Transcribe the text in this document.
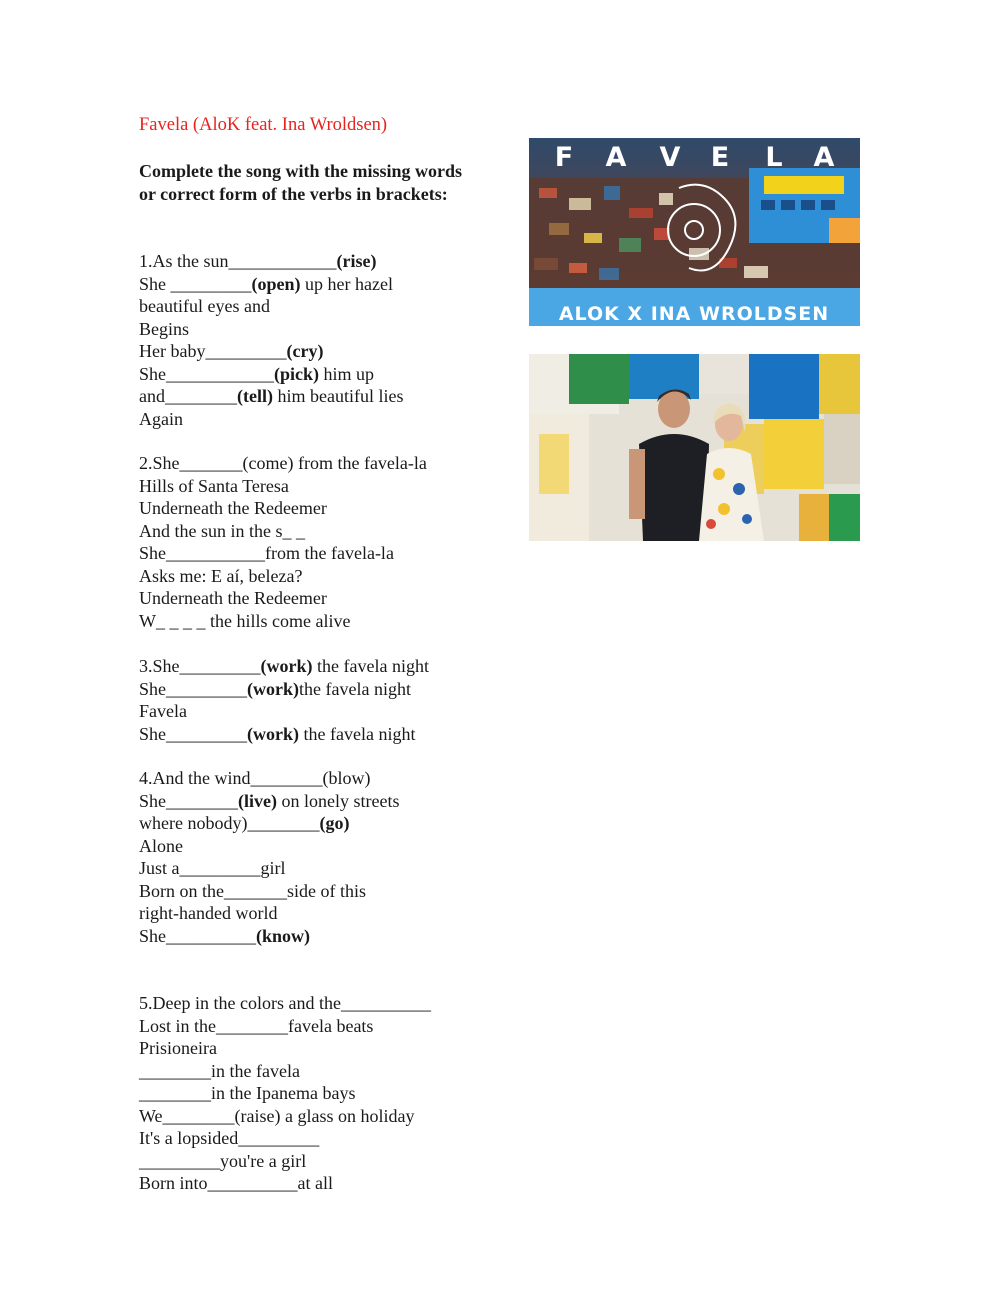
Favela (AloK feat. Ina Wroldsen)
Complete the song with the missing words or correct form of the verbs in brackets:
1.As the sun____________(rise)
She _________(open) up her hazel
beautiful eyes and
Begins
Her baby_________(cry)
She____________(pick) him up
and________(tell) him beautiful lies
Again
2.She_______(come) from the favela-la
Hills of Santa Teresa
Underneath the Redeemer
And the sun in the s_ _
She___________from the favela-la
Asks me: E aí, beleza?
Underneath the Redeemer
W_ _ _ _ the hills come alive
3.She_________(work) the favela night
She_________(work)the favela night
Favela
She_________(work) the favela night
4.And the wind________(blow)
She________(live) on lonely streets
where nobody)________(go)
Alone
Just a_________girl
Born on the_______side of this
right-handed world
She__________(know)
5.Deep in the colors and the__________
Lost in the________favela beats
Prisioneira
________in the favela
________in the Ipanema bays
We________(raise) a glass on holiday
It's a lopsided_________
_________you're a girl
Born into__________at all
F A V E L A
ALOK X INA WROLDSEN
